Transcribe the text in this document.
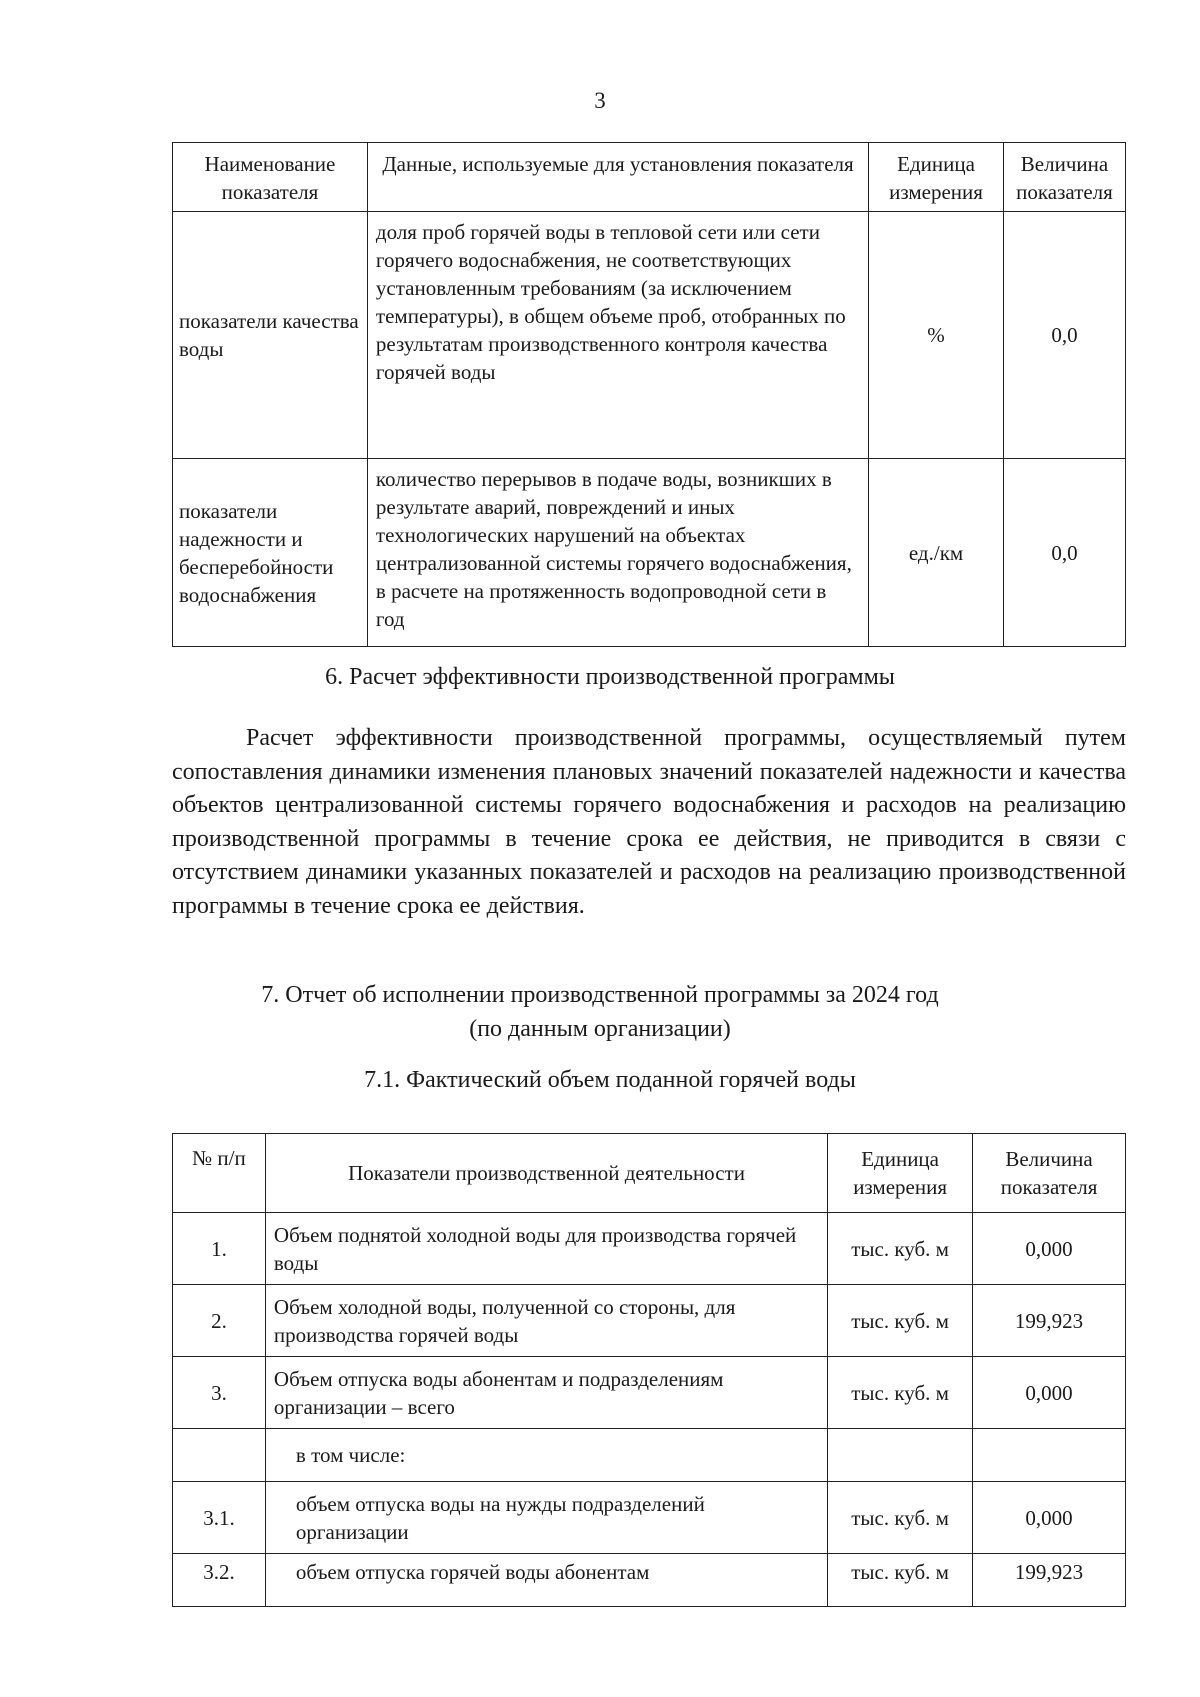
3
Наименование показателя	Данные, используемые для установления показателя	Единица измерения	Величина показателя
показатели качества воды	доля проб горячей воды в тепловой сети или сети горячего водоснабжения, не соответствующих установленным требованиям (за исключением температуры), в общем объеме проб, отобранных по результатам производственного контроля качества горячей воды	%	0,0
показатели надежности и бесперебойности водоснабжения	количество перерывов в подаче воды, возникших в результате аварий, повреждений и иных технологических нарушений на объектах централизованной системы горячего водоснабжения, в расчете на протяженность водопроводной сети в год	ед./км	0,0
6. Расчет эффективности производственной программы

Расчет эффективности производственной программы, осуществляемый путем сопоставления динамики изменения плановых значений показателей надежности и качества объектов централизованной системы горячего водоснабжения и расходов на реализацию производственной программы в течение срока ее действия, не приводится в связи с отсутствием динамики указанных показателей и расходов на реализацию производственной программы в течение срока ее действия.

7. Отчет об исполнении производственной программы за 2024 год
(по данным организации)
7.1. Фактический объем поданной горячей воды
№ п/п	Показатели производственной деятельности	Единица измерения	Величина показателя
1.	Объем поднятой холодной воды для производства горячей воды	тыс. куб. м	0,000
2.	Объем холодной воды, полученной со стороны, для производства горячей воды	тыс. куб. м	199,923
3.	Объем отпуска воды абонентам и подразделениям организации – всего	тыс. куб. м	0,000
	в том числе:		
3.1.	объем отпуска воды на нужды подразделений организации	тыс. куб. м	0,000
3.2.	объем отпуска горячей воды абонентам	тыс. куб. м	199,923
